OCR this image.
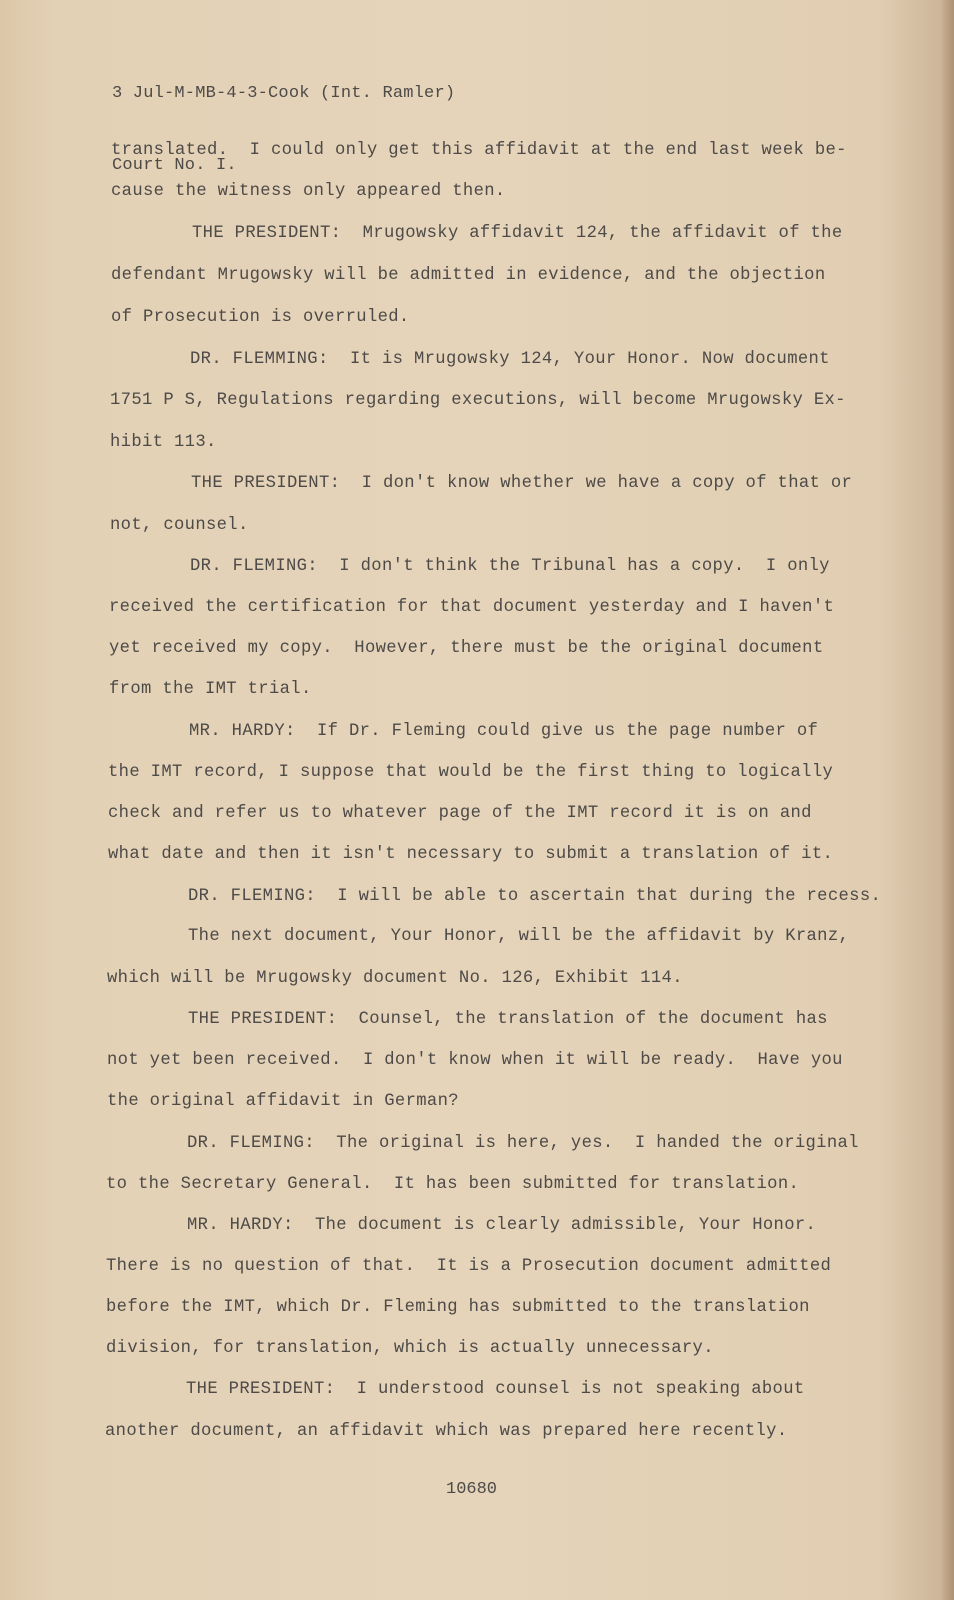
3 Jul-M-MB-4-3-Cook (Int. Ramler)

Court No. I.

translated.  I could only get this affidavit at the end last week be-
cause the witness only appeared then.
THE PRESIDENT:  Mrugowsky affidavit 124, the affidavit of the
defendant Mrugowsky will be admitted in evidence, and the objection
of Prosecution is overruled.
DR. FLEMMING:  It is Mrugowsky 124, Your Honor. Now document
1751 P S, Regulations regarding executions, will become Mrugowsky Ex-
hibit 113.
THE PRESIDENT:  I don't know whether we have a copy of that or
not, counsel.
DR. FLEMING:  I don't think the Tribunal has a copy.  I only
received the certification for that document yesterday and I haven't
yet received my copy.  However, there must be the original document
from the IMT trial.
MR. HARDY:  If Dr. Fleming could give us the page number of
the IMT record, I suppose that would be the first thing to logically
check and refer us to whatever page of the IMT record it is on and
what date and then it isn't necessary to submit a translation of it.
DR. FLEMING:  I will be able to ascertain that during the recess.
The next document, Your Honor, will be the affidavit by Kranz,
which will be Mrugowsky document No. 126, Exhibit 114.
THE PRESIDENT:  Counsel, the translation of the document has
not yet been received.  I don't know when it will be ready.  Have you
the original affidavit in German?
DR. FLEMING:  The original is here, yes.  I handed the original
to the Secretary General.  It has been submitted for translation.
MR. HARDY:  The document is clearly admissible, Your Honor.
There is no question of that.  It is a Prosecution document admitted
before the IMT, which Dr. Fleming has submitted to the translation
division, for translation, which is actually unnecessary.
THE PRESIDENT:  I understood counsel is not speaking about
another document, an affidavit which was prepared here recently.
10680
